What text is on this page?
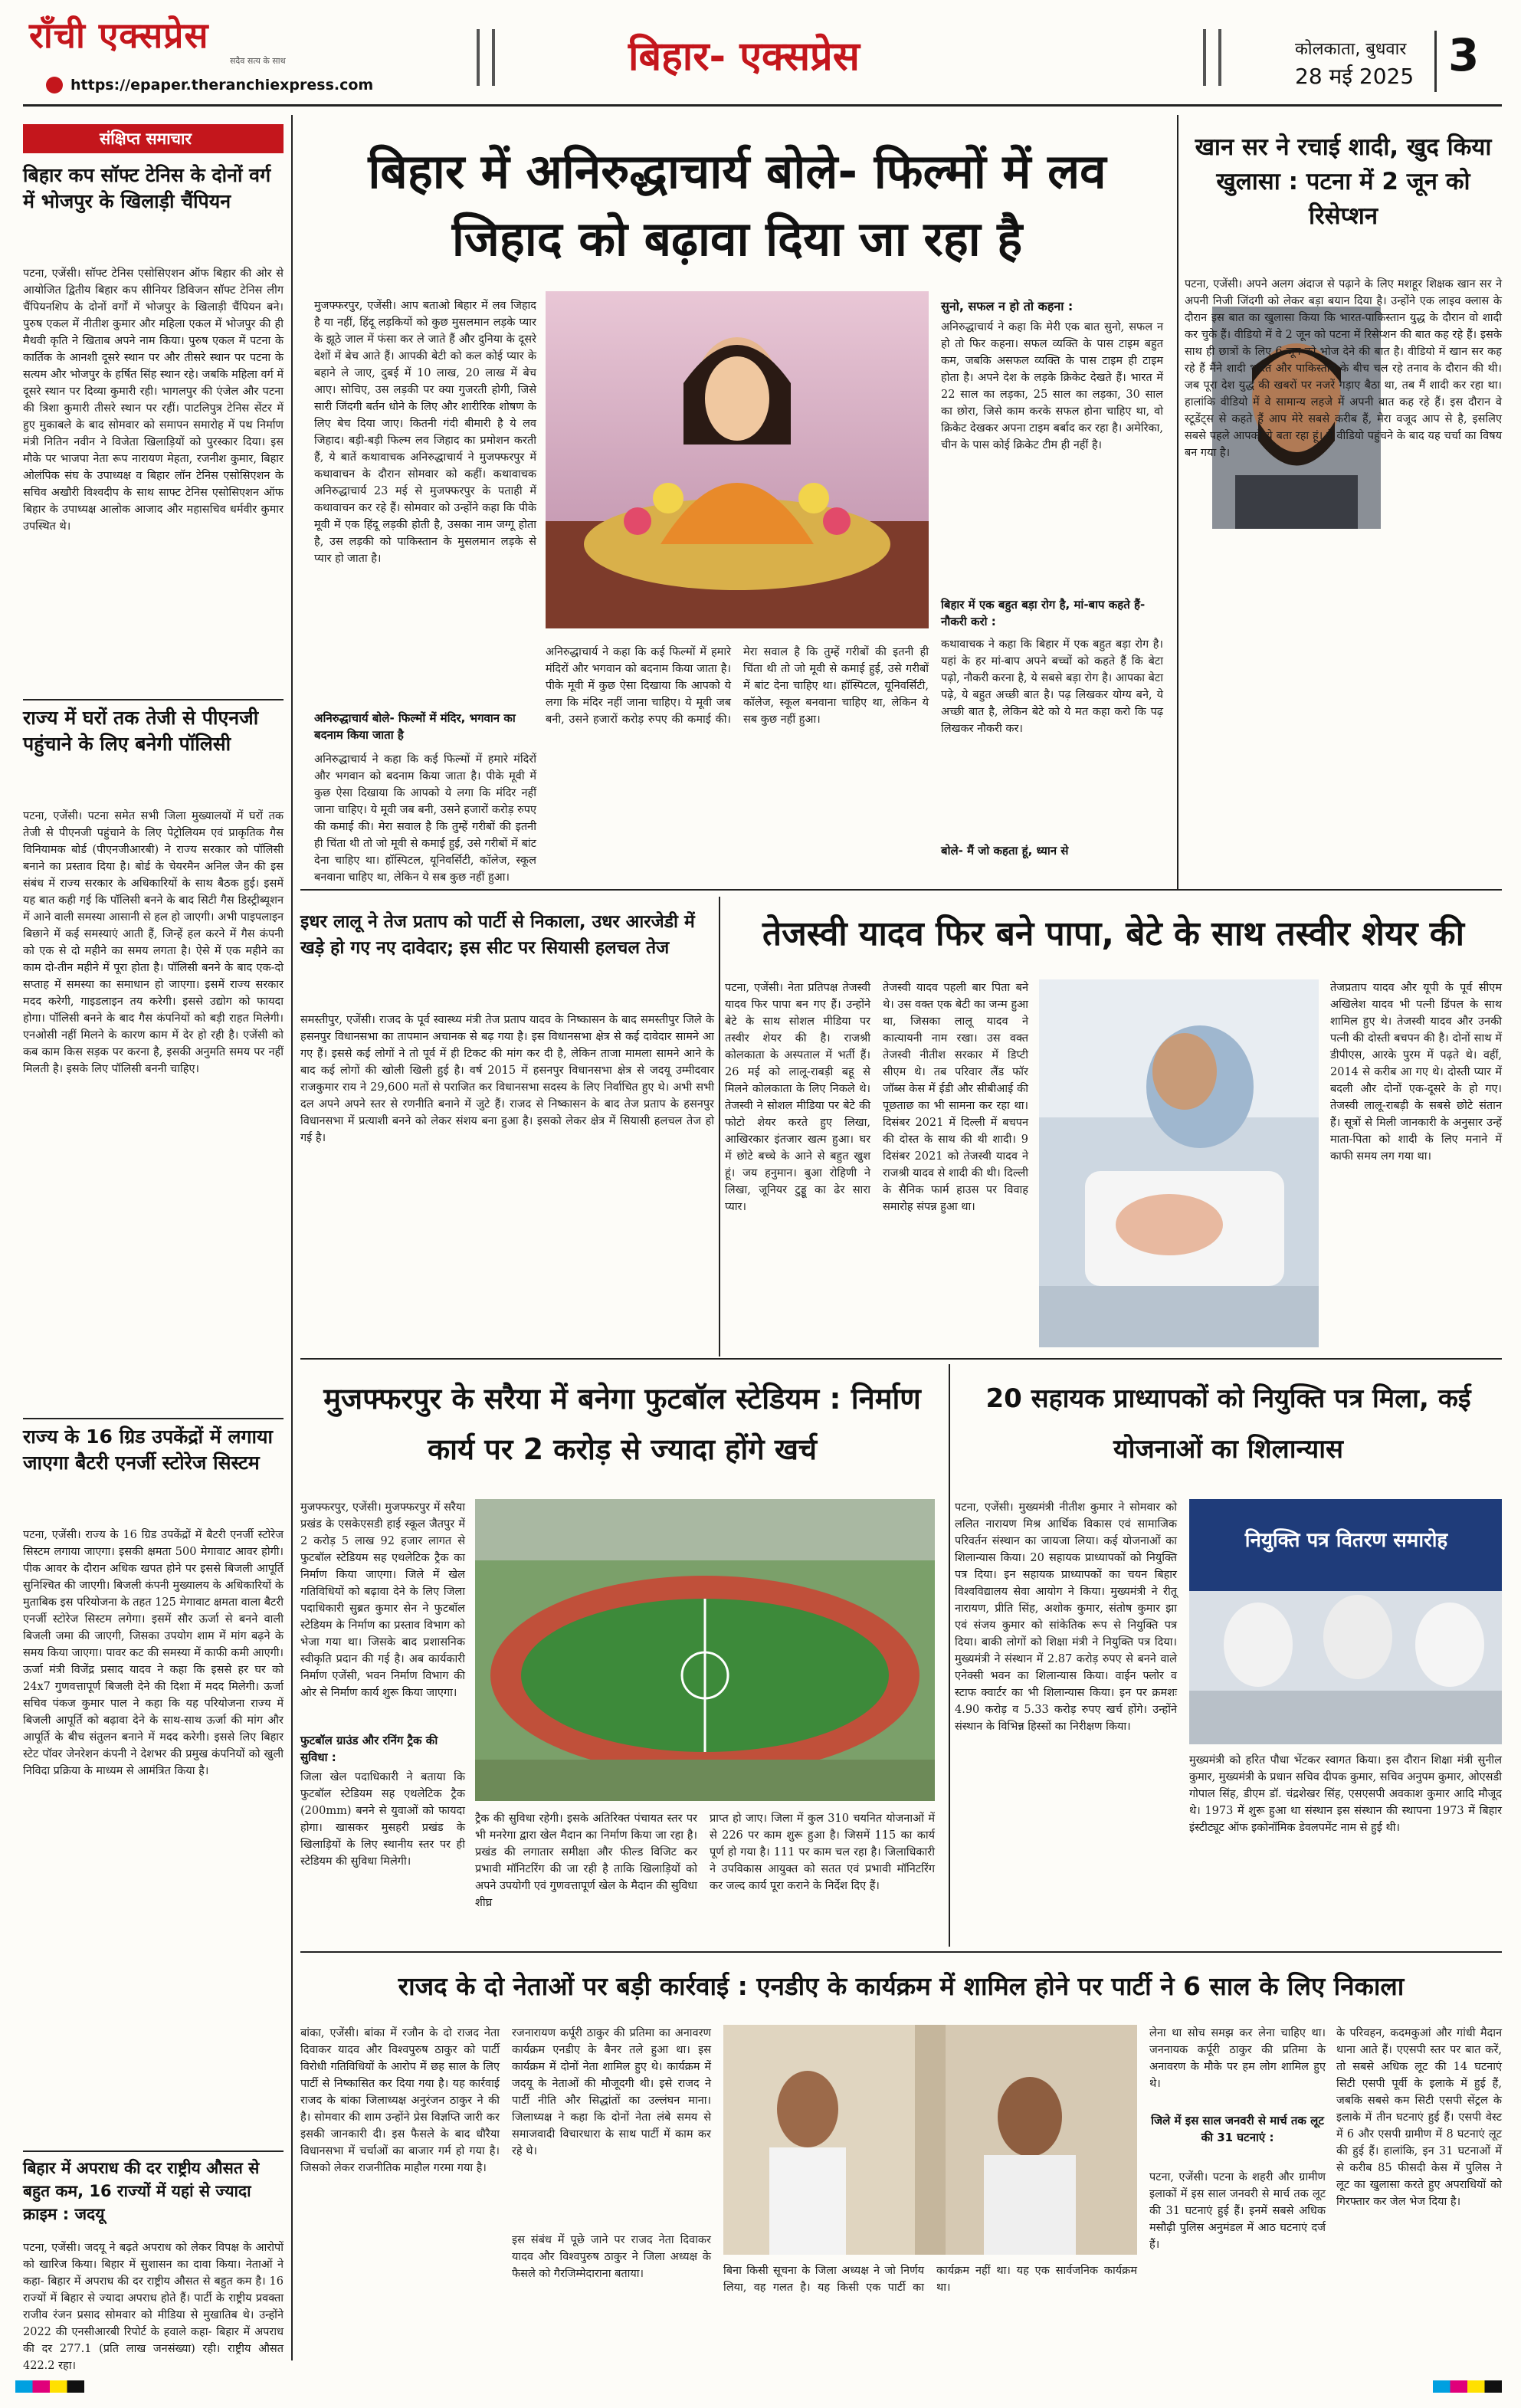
राँची एक्सप्रेस
सदैव सत्य के साथ
https://epaper.theranchiexpress.com
बिहार- एक्सप्रेस	कोलकाता, बुधवार
28 मई 2025 3
संक्षिप्त समाचार
बिहार कप सॉफ्ट टेनिस के दोनों वर्ग में भोजपुर के खिलाड़ी चैंपियन
पटना, एजेंसी। सॉफ्ट टेनिस एसोसिएशन ऑफ बिहार की ओर से आयोजित द्वितीय बिहार कप सीनियर डिविजन सॉफ्ट टेनिस लीग चैंपियनशिप के दोनों वर्गों में भोजपुर के खिलाड़ी चैंपियन बने। पुरुष एकल में नीतीश कुमार और महिला एकल में भोजपुर की ही मैथवी कृति ने खिताब अपने नाम किया। पुरुष एकल में पटना के कार्तिक के आनशी दूसरे स्थान पर और तीसरे स्थान पर पटना के सत्यम और भोजपुर के हर्षित सिंह स्थान रहे। जबकि महिला वर्ग में दूसरे स्थान पर दिव्या कुमारी रही। भागलपुर की एंजेल और पटना की त्रिशा कुमारी तीसरे स्थान पर रहीं। पाटलिपुत्र टेनिस सेंटर में हुए मुकाबले के बाद सोमवार को समापन समारोह में पथ निर्माण मंत्री नितिन नवीन ने विजेता खिलाड़ियों को पुरस्कार दिया। इस मौके पर भाजपा नेता रूप नारायण मेहता, रजनीश कुमार, बिहार ओलंपिक संघ के उपाध्यक्ष व बिहार लॉन टेनिस एसोसिएशन के सचिव अखौरी विश्वदीप के साथ साफ्ट टेनिस एसोसिएशन ऑफ बिहार के उपाध्यक्ष आलोक आजाद और महासचिव धर्मवीर कुमार उपस्थित थे।
राज्य में घरों तक तेजी से पीएनजी पहुंचाने के लिए बनेगी पॉलिसी
पटना, एजेंसी। पटना समेत सभी जिला मुख्यालयों में घरों तक तेजी से पीएनजी पहुंचाने के लिए पेट्रोलियम एवं प्राकृतिक गैस विनियामक बोर्ड (पीएनजीआरबी) ने राज्य सरकार को पॉलिसी बनाने का प्रस्ताव दिया है। बोर्ड के चेयरमैन अनिल जैन की इस संबंध में राज्य सरकार के अधिकारियों के साथ बैठक हुई। इसमें यह बात कही गई कि पॉलिसी बनने के बाद सिटी गैस डिस्ट्रीब्यूशन में आने वाली समस्या आसानी से हल हो जाएगी। अभी पाइपलाइन बिछाने में कई समस्याएं आती हैं, जिन्हें हल करने में गैस कंपनी को एक से दो महीने का समय लगता है। ऐसे में एक महीने का काम दो-तीन महीने में पूरा होता है। पॉलिसी बनने के बाद एक-दो सप्ताह में समस्या का समाधान हो जाएगा। इसमें राज्य सरकार मदद करेगी, गाइडलाइन तय करेगी। इससे उद्योग को फायदा होगा। पॉलिसी बनने के बाद गैस कंपनियों को बड़ी राहत मिलेगी। एनओसी नहीं मिलने के कारण काम में देर हो रही है। एजेंसी को कब काम किस सड़क पर करना है, इसकी अनुमति समय पर नहीं मिलती है। इसके लिए पॉलिसी बननी चाहिए।
राज्य के 16 ग्रिड उपकेंद्रों में लगाया जाएगा बैटरी एनर्जी स्टोरेज सिस्टम
पटना, एजेंसी। राज्य के 16 ग्रिड उपकेंद्रों में बैटरी एनर्जी स्टोरेज सिस्टम लगाया जाएगा। इसकी क्षमता 500 मेगावाट आवर होगी। पीक आवर के दौरान अधिक खपत होने पर इससे बिजली आपूर्ति सुनिश्चित की जाएगी। बिजली कंपनी मुख्यालय के अधिकारियों के मुताबिक इस परियोजना के तहत 125 मेगावाट क्षमता वाला बैटरी एनर्जी स्टोरेज सिस्टम लगेगा। इसमें सौर ऊर्जा से बनने वाली बिजली जमा की जाएगी, जिसका उपयोग शाम में मांग बढ़ने के समय किया जाएगा। पावर कट की समस्या में काफी कमी आएगी। ऊर्जा मंत्री विजेंद्र प्रसाद यादव ने कहा कि इससे हर घर को 24x7 गुणवत्तापूर्ण बिजली देने की दिशा में मदद मिलेगी। ऊर्जा सचिव पंकज कुमार पाल ने कहा कि यह परियोजना राज्य में बिजली आपूर्ति को बढ़ावा देने के साथ-साथ ऊर्जा की मांग और आपूर्ति के बीच संतुलन बनाने में मदद करेगी। इससे लिए बिहार स्टेट पॉवर जेनरेशन कंपनी ने देशभर की प्रमुख कंपनियों को खुली निविदा प्रक्रिया के माध्यम से आमंत्रित किया है।
बिहार में अपराध की दर राष्ट्रीय औसत से बहुत कम, 16 राज्यों में यहां से ज्यादा क्राइम : जदयू
पटना, एजेंसी। जदयू ने बढ़ते अपराध को लेकर विपक्ष के आरोपों को खारिज किया। बिहार में सुशासन का दावा किया। नेताओं ने कहा- बिहार में अपराध की दर राष्ट्रीय औसत से बहुत कम है। 16 राज्यों में बिहार से ज्यादा अपराध होते हैं। पार्टी के राष्ट्रीय प्रवक्ता राजीव रंजन प्रसाद सोमवार को मीडिया से मुखातिब थे। उन्होंने 2022 की एनसीआरबी रिपोर्ट के हवाले कहा- बिहार में अपराध की दर 277.1 (प्रति लाख जनसंख्या) रही। राष्ट्रीय औसत 422.2 रहा।
बिहार में अनिरुद्धाचार्य बोले- फिल्मों में लव जिहाद को बढ़ावा दिया जा रहा है
मुजफ्फरपुर, एजेंसी। आप बताओ बिहार में लव जिहाद है या नहीं, हिंदू लड़कियों को कुछ मुसलमान लड़के प्यार के झूठे जाल में फंसा कर ले जाते हैं और दुनिया के दूसरे देशों में बेच आते हैं। आपकी बेटी को कल कोई प्यार के बहाने ले जाए, दुबई में 10 लाख, 20 लाख में बेच आए। सोचिए, उस लड़की पर क्या गुजरती होगी, जिसे सारी जिंदगी बर्तन धोने के लिए और शारीरिक शोषण के लिए बेच दिया जाए। कितनी गंदी बीमारी है ये लव जिहाद। बड़ी-बड़ी फिल्म लव जिहाद का प्रमोशन करती हैं, ये बातें कथावाचक अनिरुद्धाचार्य ने मुजफ्फरपुर में कथावाचन के दौरान सोमवार को कहीं। कथावाचक अनिरुद्धाचार्य 23 मई से मुजफ्फरपुर के पताही में कथावाचन कर रहे हैं। सोमवार को उन्होंने कहा कि पीके मूवी में एक हिंदू लड़की होती है, उसका नाम जग्गू होता है, उस लड़की को पाकिस्तान के मुसलमान लड़के से प्यार हो जाता है।
अनिरुद्धाचार्य ने कहा कि कई फिल्मों में हमारे मंदिरों और भगवान को बदनाम किया जाता है। पीके मूवी में कुछ ऐसा दिखाया कि आपको ये लगा कि मंदिर नहीं जाना चाहिए। ये मूवी जब बनी, उसने हजारों करोड़ रुपए की कमाई की। मेरा सवाल है कि तुम्हें गरीबों की इतनी ही चिंता थी तो जो मूवी से कमाई हुई, उसे गरीबों में बांट देना चाहिए था। हॉस्पिटल, यूनिवर्सिटी, कॉलेज, स्कूल बनवाना चाहिए था, लेकिन ये सब कुछ नहीं हुआ।
अनिरुद्धाचार्य बोले- फिल्मों में मंदिर, भगवान का बदनाम किया जाता है
अनिरुद्धाचार्य ने कहा कि कई फिल्मों में हमारे मंदिरों और भगवान को बदनाम किया जाता है। पीके मूवी में कुछ ऐसा दिखाया कि आपको ये लगा कि मंदिर नहीं जाना चाहिए। ये मूवी जब बनी, उसने हजारों करोड़ रुपए की कमाई की। मेरा सवाल है कि तुम्हें गरीबों की इतनी ही चिंता थी तो जो मूवी से कमाई हुई, उसे गरीबों में बांट देना चाहिए था। हॉस्पिटल, यूनिवर्सिटी, कॉलेज, स्कूल बनवाना चाहिए था, लेकिन ये सब कुछ नहीं हुआ।
सुनो, सफल न हो तो कहना :
अनिरुद्धाचार्य ने कहा कि मेरी एक बात सुनो, सफल न हो तो फिर कहना। सफल व्यक्ति के पास टाइम बहुत कम, जबकि असफल व्यक्ति के पास टाइम ही टाइम होता है। अपने देश के लड़के क्रिकेट देखते हैं। भारत में 22 साल का लड़का, 25 साल का लड़का, 30 साल का छोरा, जिसे काम करके सफल होना चाहिए था, वो क्रिकेट देखकर अपना टाइम बर्बाद कर रहा है। अमेरिका, चीन के पास कोई क्रिकेट टीम ही नहीं है।
बिहार में एक बहुत बड़ा रोग है, मां-बाप कहते हैं- नौकरी करो :
कथावाचक ने कहा कि बिहार में एक बहुत बड़ा रोग है। यहां के हर मां-बाप अपने बच्चों को कहते हैं कि बेटा पढ़ो, नौकरी करना है, ये सबसे बड़ा रोग है। आपका बेटा पढ़े, ये बहुत अच्छी बात है। पढ़ लिखकर योग्य बने, ये अच्छी बात है, लेकिन बेटे को ये मत कहा करो कि पढ़ लिखकर नौकरी कर।
बोले- मैं जो कहता हूं, ध्यान से
खान सर ने रचाई शादी, खुद किया खुलासा : पटना में 2 जून को रिसेप्शन
पटना, एजेंसी। अपने अलग अंदाज से पढ़ाने के लिए मशहूर शिक्षक खान सर ने अपनी निजी जिंदगी को लेकर बड़ा बयान दिया है। उन्होंने एक लाइव क्लास के दौरान इस बात का खुलासा किया कि भारत-पाकिस्तान युद्ध के दौरान वो शादी कर चुके हैं। वीडियो में वे 2 जून को पटना में रिसेप्शन की बात कह रहे हैं। इसके साथ ही छात्रों के लिए 6 जून को भोज देने की बात है। वीडियो में खान सर कह रहे हैं मैंने शादी भारत और पाकिस्तान के बीच चल रहे तनाव के दौरान की थी। जब पूरा देश युद्ध की खबरों पर नजरें गड़ाए बैठा था, तब मैं शादी कर रहा था। हालांकि वीडियो में वे सामान्य लहजे में अपनी बात कह रहे हैं। इस दौरान वे स्टूडेंट्स से कहते हैं आप मेरे सबसे करीब हैं, मेरा वजूद आप से है, इसलिए सबसे पहले आपको ये बता रहा हूं। ये वीडियो पहुंचने के बाद यह चर्चा का विषय बन गया है।
इधर लालू ने तेज प्रताप को पार्टी से निकाला, उधर आरजेडी में खड़े हो गए नए दावेदार; इस सीट पर सियासी हलचल तेज
समस्तीपुर, एजेंसी। राजद के पूर्व स्वास्थ्य मंत्री तेज प्रताप यादव के निष्कासन के बाद समस्तीपुर जिले के हसनपुर विधानसभा का तापमान अचानक से बढ़ गया है। इस विधानसभा क्षेत्र से कई दावेदार सामने आ गए हैं। इससे कई लोगों ने तो पूर्व में ही टिकट की मांग कर दी है, लेकिन ताजा मामला सामने आने के बाद कई लोगों की खोली खिली हुई है। वर्ष 2015 में हसनपुर विधानसभा क्षेत्र से जदयू उम्मीदवार राजकुमार राय ने 29,600 मतों से पराजित कर विधानसभा सदस्य के लिए निर्वाचित हुए थे। अभी सभी दल अपने अपने स्तर से रणनीति बनाने में जुटे हैं। राजद से निष्कासन के बाद तेज प्रताप के हसनपुर विधानसभा में प्रत्याशी बनने को लेकर संशय बना हुआ है। इसको लेकर क्षेत्र में सियासी हलचल तेज हो गई है।
तेजस्वी यादव फिर बने पापा, बेटे के साथ तस्वीर शेयर की
पटना, एजेंसी। नेता प्रतिपक्ष तेजस्वी यादव फिर पापा बन गए हैं। उन्होंने बेटे के साथ सोशल मीडिया पर तस्वीर शेयर की है। राजश्री कोलकाता के अस्पताल में भर्ती हैं। 26 मई को लालू-राबड़ी बहू से मिलने कोलकाता के लिए निकले थे। तेजस्वी ने सोशल मीडिया पर बेटे की फोटो शेयर करते हुए लिखा, आखिरकार इंतजार खत्म हुआ। घर में छोटे बच्चे के आने से बहुत खुश हूं। जय हनुमान। बुआ रोहिणी ने लिखा, जूनियर टुड्डू का ढेर सारा प्यार।
तेजस्वी यादव पहली बार पिता बने थे। उस वक्त एक बेटी का जन्म हुआ था, जिसका लालू यादव ने कात्यायनी नाम रखा। उस वक्त तेजस्वी नीतीश सरकार में डिप्टी सीएम थे। तब परिवार लैंड फॉर जॉब्स केस में ईडी और सीबीआई की पूछताछ का भी सामना कर रहा था। दिसंबर 2021 में दिल्ली में बचपन की दोस्त के साथ की थी शादी। 9 दिसंबर 2021 को तेजस्वी यादव ने राजश्री यादव से शादी की थी। दिल्ली के सैनिक फार्म हाउस पर विवाह समारोह संपन्न हुआ था।
तेजप्रताप यादव और यूपी के पूर्व सीएम अखिलेश यादव भी पत्नी डिंपल के साथ शामिल हुए थे। तेजस्वी यादव और उनकी पत्नी की दोस्ती बचपन की है। दोनों साथ में डीपीएस, आरके पुरम में पढ़ते थे। वहीं, 2014 से करीब आ गए थे। दोस्ती प्यार में बदली और दोनों एक-दूसरे के हो गए। तेजस्वी लालू-राबड़ी के सबसे छोटे संतान हैं। सूत्रों से मिली जानकारी के अनुसार उन्हें माता-पिता को शादी के लिए मनाने में काफी समय लग गया था।
मुजफ्फरपुर के सरैया में बनेगा फुटबॉल स्टेडियम : निर्माण कार्य पर 2 करोड़ से ज्यादा होंगे खर्च
मुजफ्फरपुर, एजेंसी। मुजफ्फरपुर में सरैया प्रखंड के एसकेएसडी हाई स्कूल जैतपुर में 2 करोड़ 5 लाख 92 हजार लागत से फुटबॉल स्टेडियम सह एथलेटिक ट्रैक का निर्माण किया जाएगा। जिले में खेल गतिविधियों को बढ़ावा देने के लिए जिला पदाधिकारी सुब्रत कुमार सेन ने फुटबॉल स्टेडियम के निर्माण का प्रस्ताव विभाग को भेजा गया था। जिसके बाद प्रशासनिक स्वीकृति प्रदान की गई है। अब कार्यकारी निर्माण एजेंसी, भवन निर्माण विभाग की ओर से निर्माण कार्य शुरू किया जाएगा।
फुटबॉल ग्राउंड और रनिंग ट्रैक की सुविधा :
जिला खेल पदाधिकारी ने बताया कि फुटबॉल स्टेडियम सह एथलेटिक ट्रैक (200mm) बनने से युवाओं को फायदा होगा। खासकर मुसहरी प्रखंड के खिलाड़ियों के लिए स्थानीय स्तर पर ही स्टेडियम की सुविधा मिलेगी।
ट्रैक की सुविधा रहेगी। इसके अतिरिक्त पंचायत स्तर पर भी मनरेगा द्वारा खेल मैदान का निर्माण किया जा रहा है। प्रखंड की लगातार समीक्षा और फील्ड विजिट कर प्रभावी मॉनिटरिंग की जा रही है ताकि खिलाड़ियों को अपने उपयोगी एवं गुणवत्तापूर्ण खेल के मैदान की सुविधा शीघ्र
प्राप्त हो जाए। जिला में कुल 310 चयनित योजनाओं में से 226 पर काम शुरू हुआ है। जिसमें 115 का कार्य पूर्ण हो गया है। 111 पर काम चल रहा है। जिलाधिकारी ने उपविकास आयुक्त को सतत एवं प्रभावी मॉनिटरिंग कर जल्द कार्य पूरा कराने के निर्देश दिए हैं।
20 सहायक प्राध्यापकों को नियुक्ति पत्र मिला, कई योजनाओं का शिलान्यास
पटना, एजेंसी। मुख्यमंत्री नीतीश कुमार ने सोमवार को ललित नारायण मिश्र आर्थिक विकास एवं सामाजिक परिवर्तन संस्थान का जायजा लिया। कई योजनाओं का शिलान्यास किया। 20 सहायक प्राध्यापकों को नियुक्ति पत्र दिया। इन सहायक प्राध्यापकों का चयन बिहार विश्वविद्यालय सेवा आयोग ने किया। मुख्यमंत्री ने रीतू नारायण, प्रीति सिंह, अशोक कुमार, संतोष कुमार झा एवं संजय कुमार को सांकेतिक रूप से नियुक्ति पत्र दिया। बाकी लोगों को शिक्षा मंत्री ने नियुक्ति पत्र दिया। मुख्यमंत्री ने संस्थान में 2.87 करोड़ रुपए से बनने वाले एनेक्सी भवन का शिलान्यास किया। वाईन फ्लोर व स्टाफ क्वार्टर का भी शिलान्यास किया। इन पर क्रमशः 4.90 करोड़ व 5.33 करोड़ रुपए खर्च होंगे। उन्होंने संस्थान के विभिन्न हिस्सों का निरीक्षण किया।
नियुक्ति पत्र वितरण समारोह
मुख्यमंत्री को हरित पौधा भेंटकर स्वागत किया। इस दौरान शिक्षा मंत्री सुनील कुमार, मुख्यमंत्री के प्रधान सचिव दीपक कुमार, सचिव अनुपम कुमार, ओएसडी गोपाल सिंह, डीएम डॉ. चंद्रशेखर सिंह, एसएसपी अवकाश कुमार आदि मौजूद थे। 1973 में शुरू हुआ था संस्थान इस संस्थान की स्थापना 1973 में बिहार इंस्टीट्यूट ऑफ इकोनॉमिक डेवलपमेंट नाम से हुई थी।
राजद के दो नेताओं पर बड़ी कार्रवाई : एनडीए के कार्यक्रम में शामिल होने पर पार्टी ने 6 साल के लिए निकाला
बांका, एजेंसी। बांका में रजौन के दो राजद नेता दिवाकर यादव और विश्वपुरुष ठाकुर को पार्टी विरोधी गतिविधियों के आरोप में छह साल के लिए पार्टी से निष्कासित कर दिया गया है। यह कार्रवाई राजद के बांका जिलाध्यक्ष अनुरंजन ठाकुर ने की है। सोमवार की शाम उन्होंने प्रेस विज्ञप्ति जारी कर इसकी जानकारी दी। इस फैसले के बाद धौरैया विधानसभा में चर्चाओं का बाजार गर्म हो गया है। जिसको लेकर राजनीतिक माहौल गरमा गया है।
रजनारायण कर्पूरी ठाकुर की प्रतिमा का अनावरण कार्यक्रम एनडीए के बैनर तले हुआ था। इस कार्यक्रम में दोनों नेता शामिल हुए थे। कार्यक्रम में जदयू के नेताओं की मौजूदगी थी। इसे राजद ने पार्टी नीति और सिद्धांतों का उल्लंघन माना। जिलाध्यक्ष ने कहा कि दोनों नेता लंबे समय से समाजवादी विचारधारा के साथ पार्टी में काम कर रहे थे।
इस संबंध में पूछे जाने पर राजद नेता दिवाकर यादव और विश्वपुरुष ठाकुर ने जिला अध्यक्ष के फैसले को गैरजिम्मेदाराना बताया।	बिना किसी सूचना के जिला अध्यक्ष ने जो निर्णय लिया, वह गलत है। यह किसी एक पार्टी का कार्यक्रम नहीं था। यह एक सार्वजनिक कार्यक्रम था।
लेना था सोच समझ कर लेना चाहिए था। जननायक कर्पूरी ठाकुर की प्रतिमा के अनावरण के मौके पर हम लोग शामिल हुए थे।
जिले में इस साल जनवरी से मार्च तक लूट की 31 घटनाएं :
पटना, एजेंसी। पटना के शहरी और ग्रामीण इलाकों में इस साल जनवरी से मार्च तक लूट की 31 घटनाएं हुई हैं। इनमें सबसे अधिक मसौढ़ी पुलिस अनुमंडल में आठ घटनाएं दर्ज हैं।
के परिवहन, कदमकुआं और गांधी मैदान थाना आते हैं। एएसपी स्तर पर बात करें, तो सबसे अधिक लूट की 14 घटनाएं सिटी एसपी पूर्वी के इलाके में हुई हैं, जबकि सबसे कम सिटी एसपी सेंट्रल के इलाके में तीन घटनाएं हुई हैं। एसपी वेस्ट में 6 और एसपी ग्रामीण में 8 घटनाएं लूट की हुई हैं। हालांकि, इन 31 घटनाओं में से करीब 85 फीसदी केस में पुलिस ने लूट का खुलासा करते हुए अपराधियों को गिरफ्तार कर जेल भेज दिया है।
